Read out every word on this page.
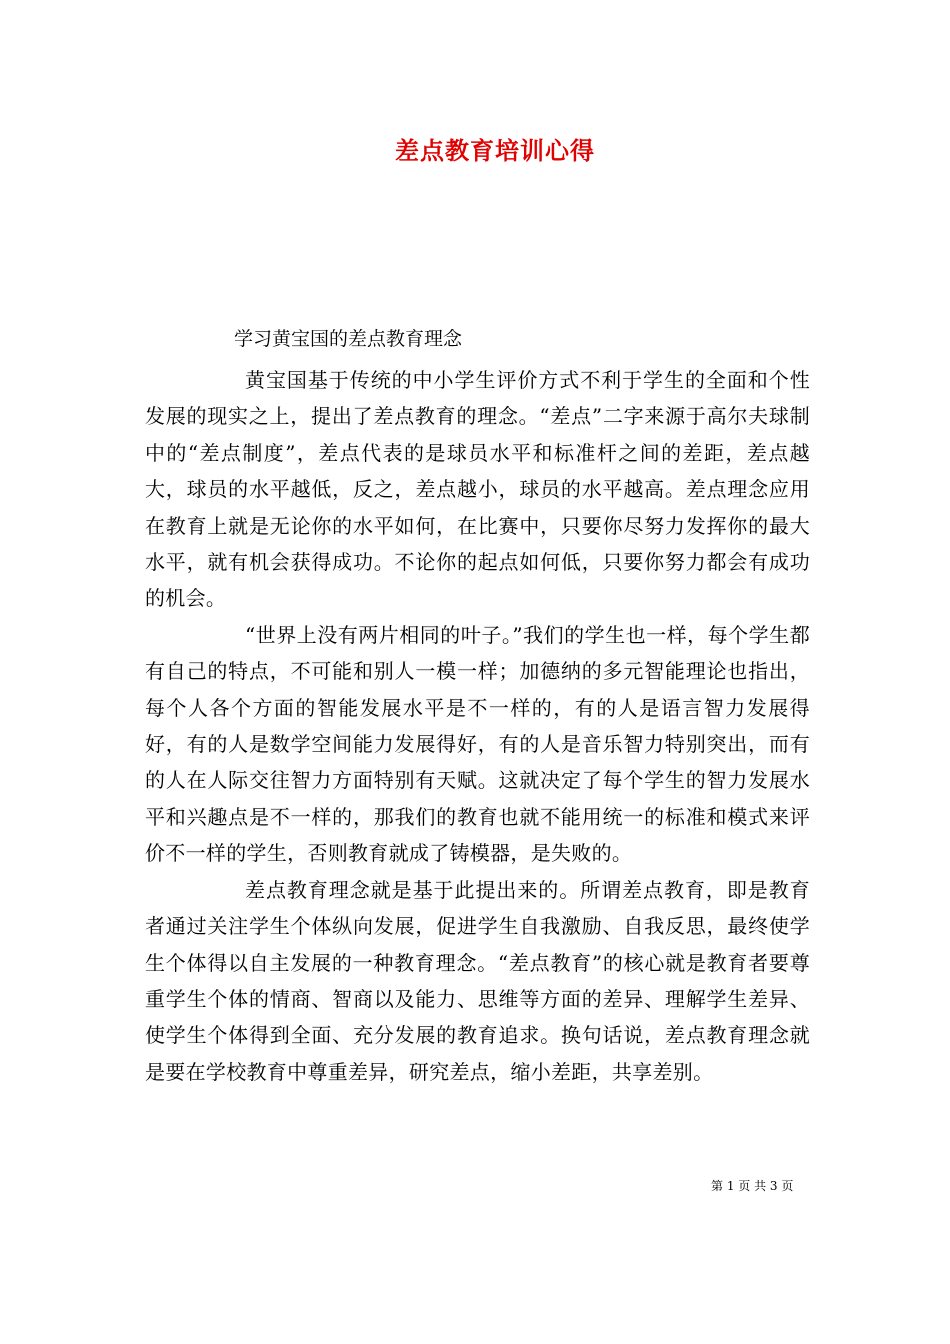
差点教育培训心得
学习黄宝国的差点教育理念

黄宝国基于传统的中小学生评价方式不利于学生的全面和个性发展的现实之上，提出了差点教育的理念。“差点”二字来源于高尔夫球制中的“差点制度”，差点代表的是球员水平和标准杆之间的差距，差点越大，球员的水平越低，反之，差点越小，球员的水平越高。差点理念应用在教育上就是无论你的水平如何，在比赛中，只要你尽努力发挥你的最大水平，就有机会获得成功。不论你的起点如何低，只要你努力都会有成功的机会。

“世界上没有两片相同的叶子。”我们的学生也一样，每个学生都有自己的特点，不可能和别人一模一样；加德纳的多元智能理论也指出，每个人各个方面的智能发展水平是不一样的，有的人是语言智力发展得好，有的人是数学空间能力发展得好，有的人是音乐智力特别突出，而有的人在人际交往智力方面特别有天赋。这就决定了每个学生的智力发展水平和兴趣点是不一样的，那我们的教育也就不能用统一的标准和模式来评价不一样的学生，否则教育就成了铸模器，是失败的。

差点教育理念就是基于此提出来的。所谓差点教育，即是教育者通过关注学生个体纵向发展，促进学生自我激励、自我反思，最终使学生个体得以自主发展的一种教育理念。“差点教育”的核心就是教育者要尊重学生个体的情商、智商以及能力、思维等方面的差异、理解学生差异、使学生个体得到全面、充分发展的教育追求。换句话说，差点教育理念就是要在学校教育中尊重差异，研究差点，缩小差距，共享差别。

第 1 页 共 3 页
